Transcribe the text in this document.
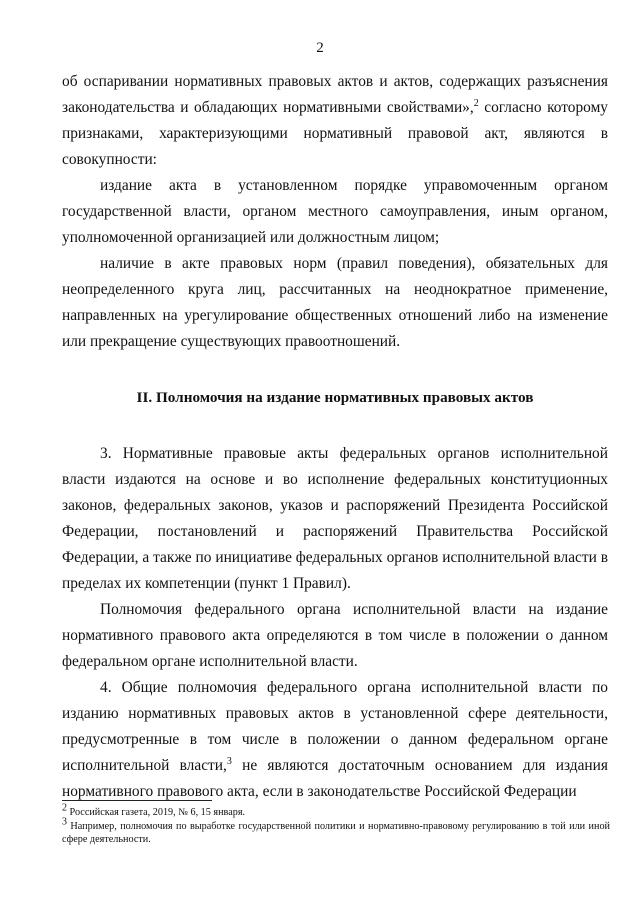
2

об оспаривании нормативных правовых актов и актов, содержащих разъяснения законодательства и обладающих нормативными свойствами»,$^2$ согласно которому признаками, характеризующими нормативный правовой акт, являются в совокупности:

издание акта в установленном порядке управомоченным органом государственной власти, органом местного самоуправления, иным органом, уполномоченной организацией или должностным лицом;

наличие в акте правовых норм (правил поведения), обязательных для неопределенного круга лиц, рассчитанных на неоднократное применение, направленных на урегулирование общественных отношений либо на изменение или прекращение существующих правоотношений.

II. Полномочия на издание нормативных правовых актов

3. Нормативные правовые акты федеральных органов исполнительной власти издаются на основе и во исполнение федеральных конституционных законов, федеральных законов, указов и распоряжений Президента Российской Федерации, постановлений и распоряжений Правительства Российской Федерации, а также по инициативе федеральных органов исполнительной власти в пределах их компетенции (пункт 1 Правил).

Полномочия федерального органа исполнительной власти на издание нормативного правового акта определяются в том числе в положении о данном федеральном органе исполнительной власти.

4. Общие полномочия федерального органа исполнительной власти по изданию нормативных правовых актов в установленной сфере деятельности, предусмотренные в том числе в положении о данном федеральном органе исполнительной власти,$^3$ не являются достаточным основанием для издания нормативного правового акта, если в законодательстве Российской Федерации

$^2$ Российская газета, 2019, № 6, 15 января.

$^3$ Например, полномочия по выработке государственной политики и нормативно-правовому регулированию в той или иной сфере деятельности.
